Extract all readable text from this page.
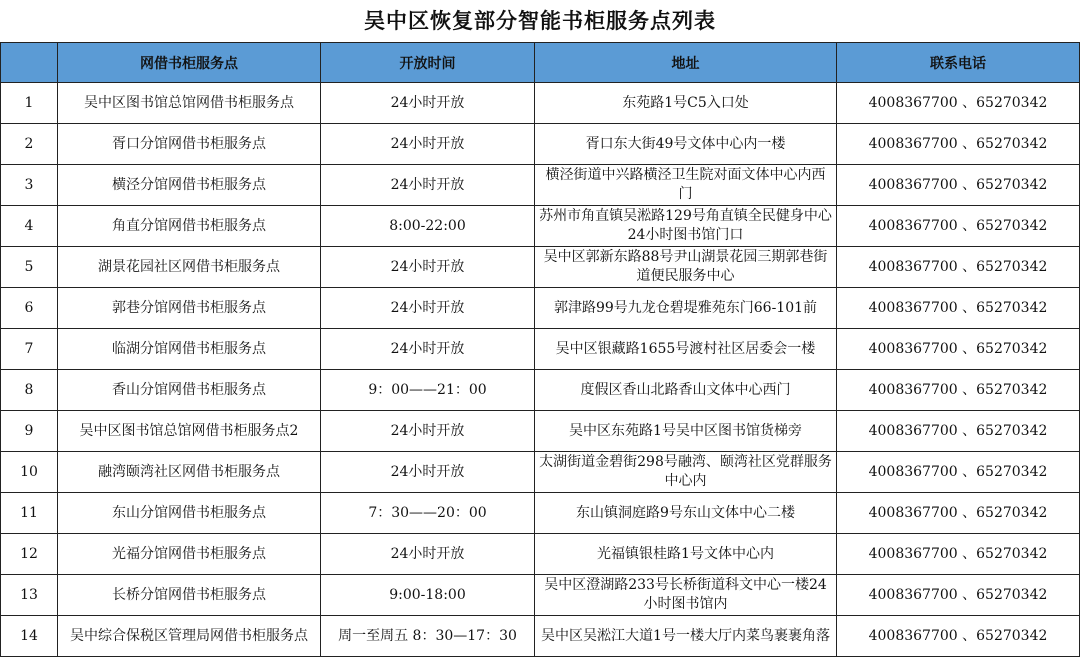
吴中区恢复部分智能书柜服务点列表
	网借书柜服务点	开放时间	地址	联系电话
1	吴中区图书馆总馆网借书柜服务点	24小时开放	东苑路1号C5入口处	4008367700 、65270342
2	胥口分馆网借书柜服务点	24小时开放	胥口东大街49号文体中心内一楼	4008367700 、65270342
3	横泾分馆网借书柜服务点	24小时开放	横泾街道中兴路横泾卫生院对面文体中心内西门	4008367700 、65270342
4	角直分馆网借书柜服务点	8:00-22:00	苏州市角直镇吴淞路129号角直镇全民健身中心24小时图书馆门口	4008367700 、65270342
5	湖景花园社区网借书柜服务点	24小时开放	吴中区郭新东路88号尹山湖景花园三期郭巷街道便民服务中心	4008367700 、65270342
6	郭巷分馆网借书柜服务点	24小时开放	郭津路99号九龙仓碧堤雅苑东门66-101前	4008367700 、65270342
7	临湖分馆网借书柜服务点	24小时开放	吴中区银藏路1655号渡村社区居委会一楼	4008367700 、65270342
8	香山分馆网借书柜服务点	9：00——21：00	度假区香山北路香山文体中心西门	4008367700 、65270342
9	吴中区图书馆总馆网借书柜服务点2	24小时开放	吴中区东苑路1号吴中区图书馆货梯旁	4008367700 、65270342
10	融湾颐湾社区网借书柜服务点	24小时开放	太湖街道金碧街298号融湾、颐湾社区党群服务中心内	4008367700 、65270342
11	东山分馆网借书柜服务点	7：30——20：00	东山镇洞庭路9号东山文体中心二楼	4008367700 、65270342
12	光福分馆网借书柜服务点	24小时开放	光福镇银桂路1号文体中心内	4008367700 、65270342
13	长桥分馆网借书柜服务点	9:00-18:00	吴中区澄湖路233号长桥街道科文中心一楼24小时图书馆内	4008367700 、65270342
14	吴中综合保税区管理局网借书柜服务点	周一至周五 8：30—17：30	吴中区吴淞江大道1号一楼大厅内菜鸟裹裹角落	4008367700 、65270342
